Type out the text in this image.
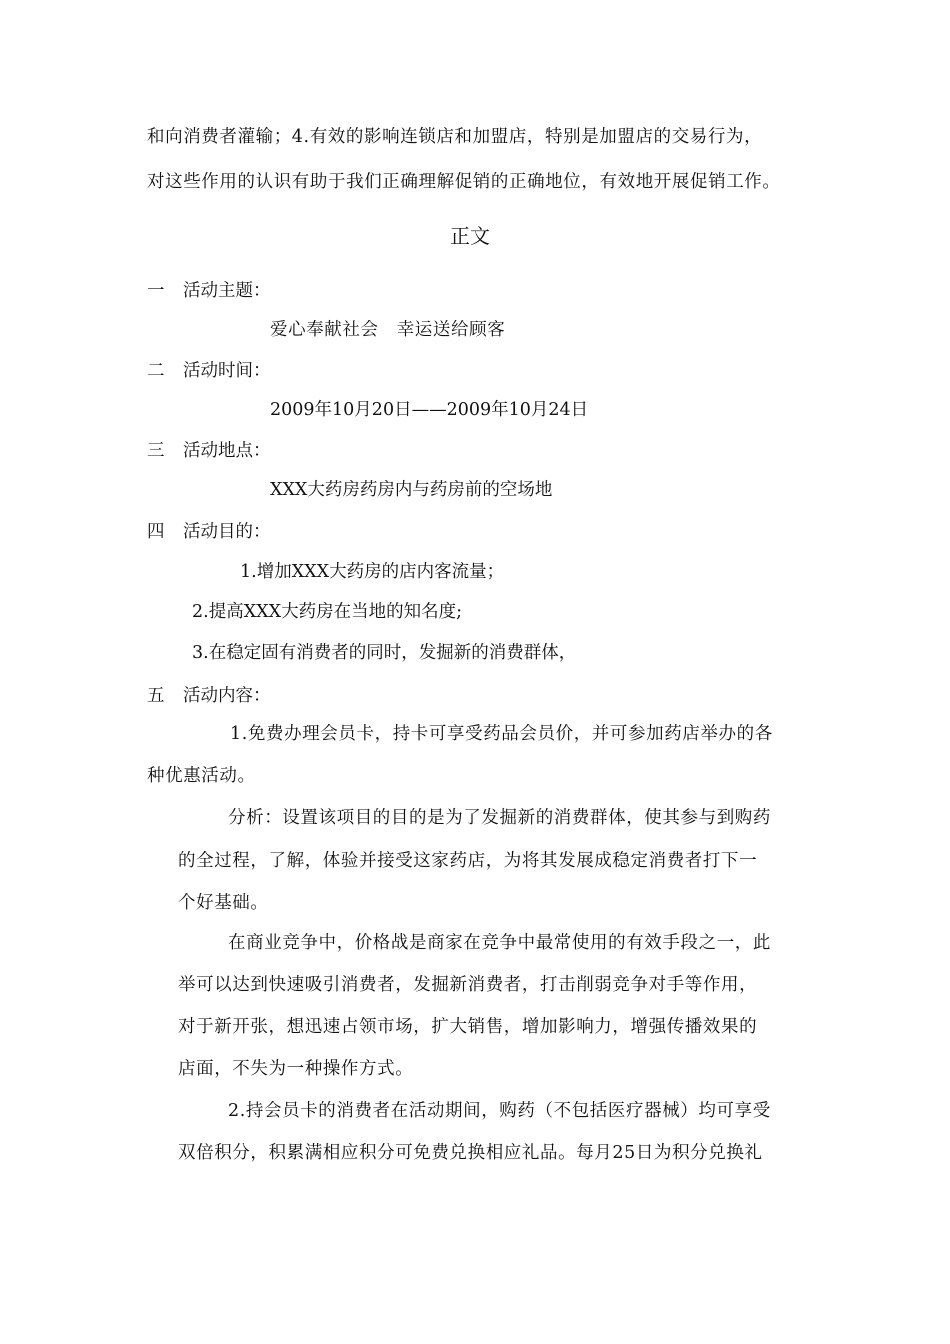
和向消费者灌输；4.有效的影响连锁店和加盟店，特别是加盟店的交易行为，
对这些作用的认识有助于我们正确理解促销的正确地位，有效地开展促销工作。
正文
一 活动主题：
爱心奉献社会　幸运送给顾客
二 活动时间：
2009年10月20日——2009年10月24日
三 活动地点：
XXX大药房药房内与药房前的空场地
四 活动目的：
1.增加XXX大药房的店内客流量；
2.提高XXX大药房在当地的知名度;
3.在稳定固有消费者的同时，发掘新的消费群体，
五 活动内容：
1.免费办理会员卡，持卡可享受药品会员价，并可参加药店举办的各
种优惠活动。
分析：设置该项目的目的是为了发掘新的消费群体，使其参与到购药
的全过程，了解，体验并接受这家药店，为将其发展成稳定消费者打下一
个好基础。
在商业竞争中，价格战是商家在竞争中最常使用的有效手段之一，此
举可以达到快速吸引消费者，发掘新消费者，打击削弱竞争对手等作用，
对于新开张，想迅速占领市场，扩大销售，增加影响力，增强传播效果的
店面，不失为一种操作方式。
2.持会员卡的消费者在活动期间，购药（不包括医疗器械）均可享受
双倍积分，积累满相应积分可免费兑换相应礼品。每月25日为积分兑换礼
